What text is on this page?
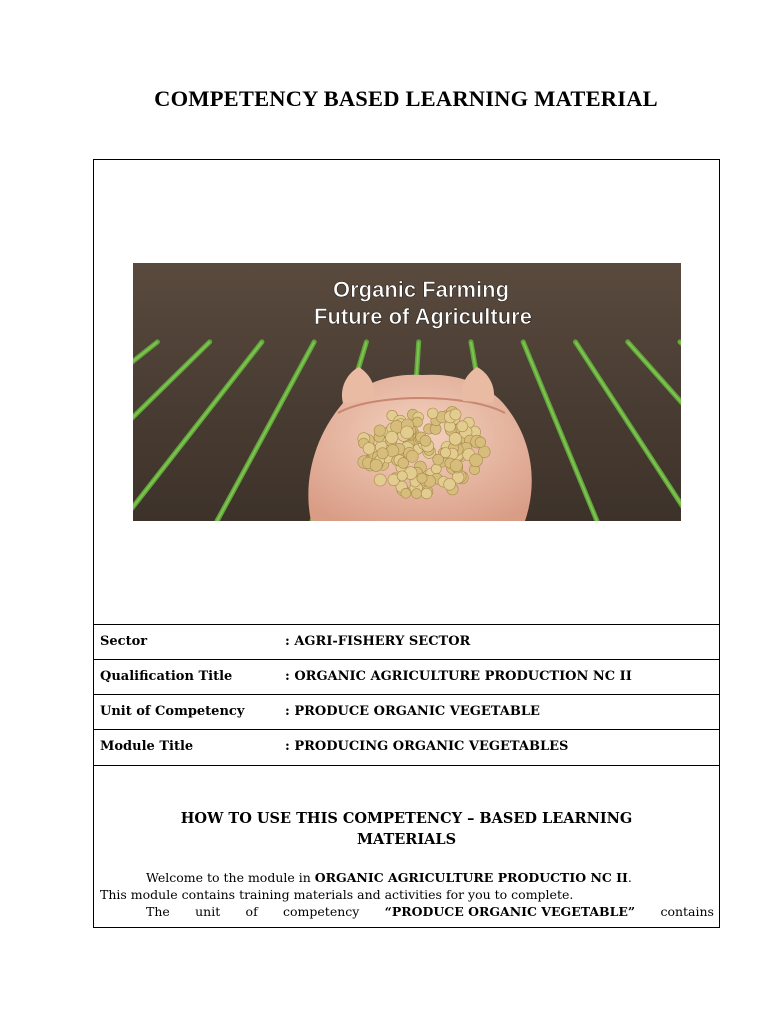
COMPETENCY BASED LEARNING MATERIAL
Organic Farming
Future of Agriculture
Sector	: AGRI-FISHERY SECTOR
Qualification Title	: ORGANIC AGRICULTURE PRODUCTION NC II
Unit of Competency	: PRODUCE ORGANIC VEGETABLE
Module Title	: PRODUCING ORGANIC VEGETABLES
HOW TO USE THIS COMPETENCY – BASED LEARNING
MATERIALS
Welcome to the module in ORGANIC AGRICULTURE PRODUCTIO NC II.
This module contains training materials and activities for you to complete.
The unit of competency “PRODUCE ORGANIC VEGETABLE” contains
